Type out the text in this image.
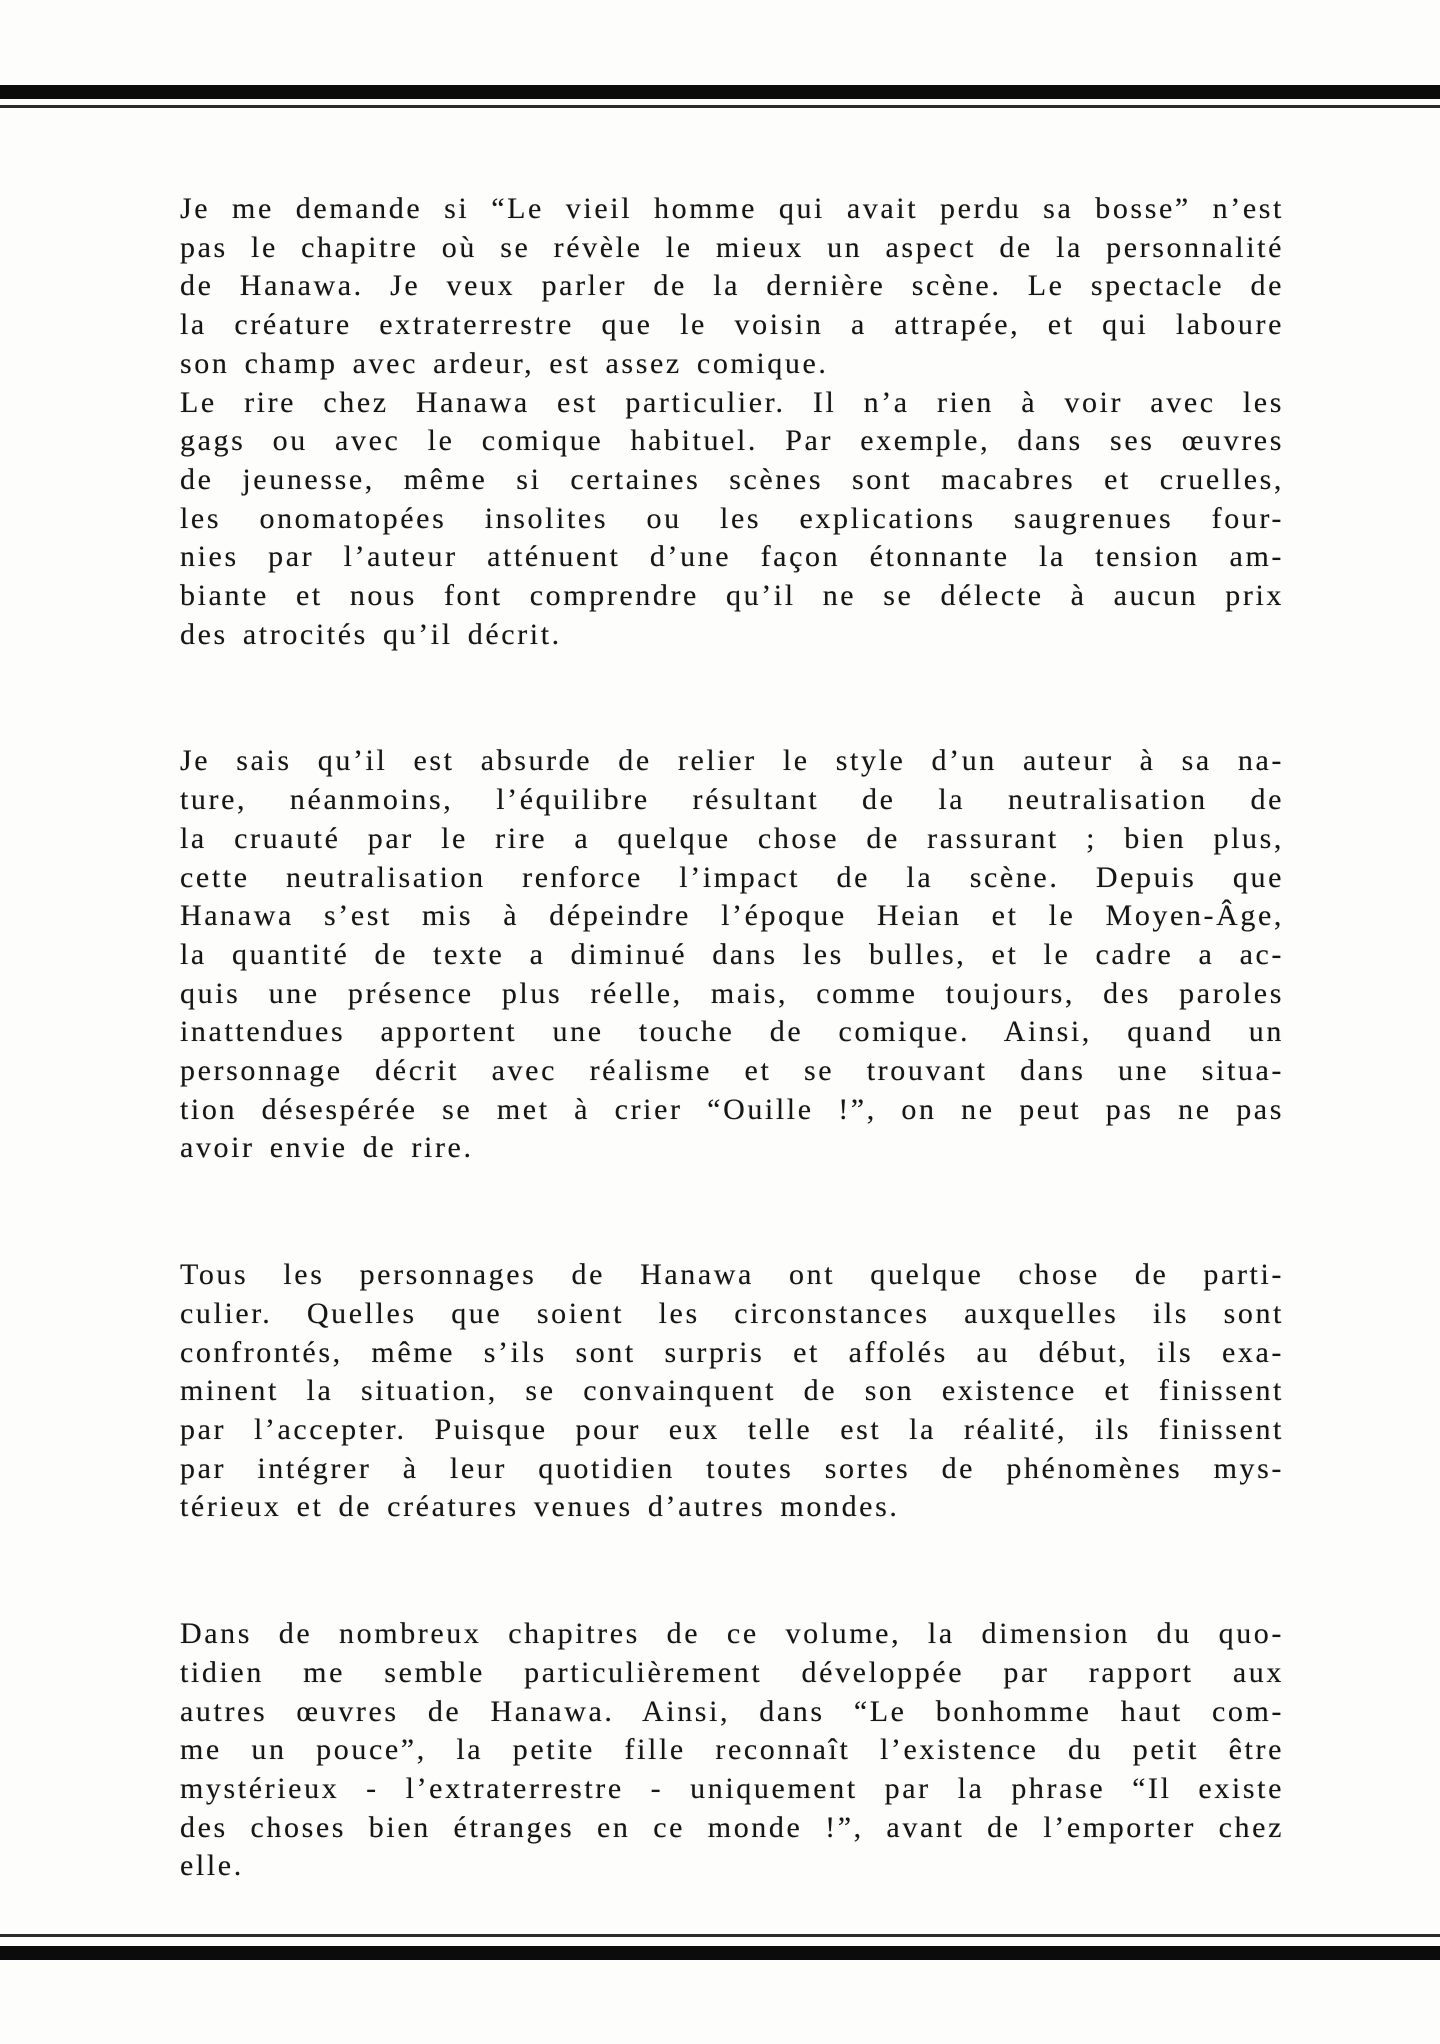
Je me demande si “Le vieil homme qui avait perdu sa bosse” n’est
pas le chapitre où se révèle le mieux un aspect de la personnalité
de Hanawa. Je veux parler de la dernière scène. Le spectacle de
la créature extraterrestre que le voisin a attrapée, et qui laboure
son champ avec ardeur, est assez comique.
Le rire chez Hanawa est particulier. Il n’a rien à voir avec les
gags ou avec le comique habituel. Par exemple, dans ses œuvres
de jeunesse, même si certaines scènes sont macabres et cruelles,
les onomatopées insolites ou les explications saugrenues four-
nies par l’auteur atténuent d’une façon étonnante la tension am-
biante et nous font comprendre qu’il ne se délecte à aucun prix
des atrocités qu’il décrit.
Je sais qu’il est absurde de relier le style d’un auteur à sa na-
ture, néanmoins, l’équilibre résultant de la neutralisation de
la cruauté par le rire a quelque chose de rassurant ; bien plus,
cette neutralisation renforce l’impact de la scène. Depuis que
Hanawa s’est mis à dépeindre l’époque Heian et le Moyen-Âge,
la quantité de texte a diminué dans les bulles, et le cadre a ac-
quis une présence plus réelle, mais, comme toujours, des paroles
inattendues apportent une touche de comique. Ainsi, quand un
personnage décrit avec réalisme et se trouvant dans une situa-
tion désespérée se met à crier “Ouille !”, on ne peut pas ne pas
avoir envie de rire.
Tous les personnages de Hanawa ont quelque chose de parti-
culier. Quelles que soient les circonstances auxquelles ils sont
confrontés, même s’ils sont surpris et affolés au début, ils exa-
minent la situation, se convainquent de son existence et finissent
par l’accepter. Puisque pour eux telle est la réalité, ils finissent
par intégrer à leur quotidien toutes sortes de phénomènes mys-
térieux et de créatures venues d’autres mondes.
Dans de nombreux chapitres de ce volume, la dimension du quo-
tidien me semble particulièrement développée par rapport aux
autres œuvres de Hanawa. Ainsi, dans “Le bonhomme haut com-
me un pouce”, la petite fille reconnaît l’existence du petit être
mystérieux - l’extraterrestre - uniquement par la phrase “Il existe
des choses bien étranges en ce monde !”, avant de l’emporter chez
elle.
